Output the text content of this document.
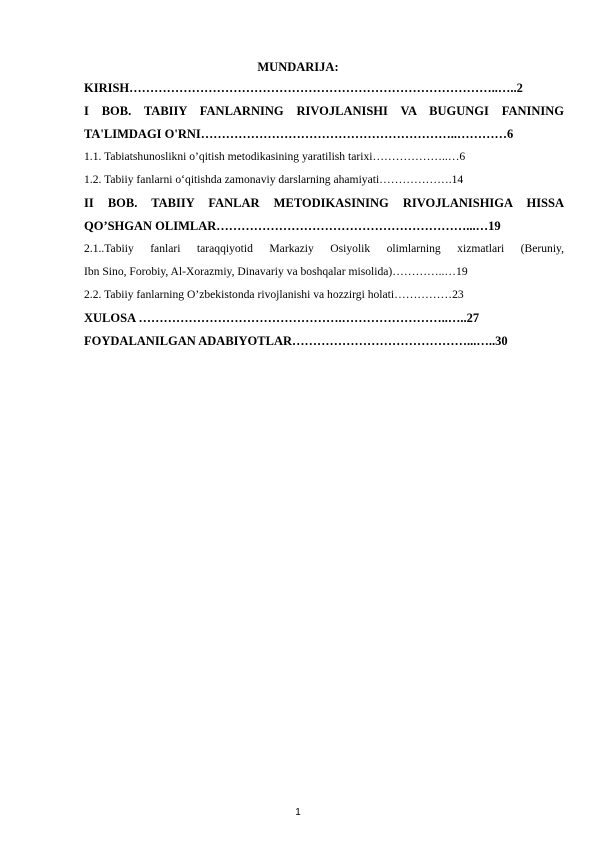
MUNDARIJA:
KIRISH……………………………………………………………………………..…..2
I BOB. TABIIY FANLARNING RIVOJLANISHI VA BUGUNGI FANINING
TA'LIMDAGI O'RNI……………………………………………………..…………6
1.1. Tabiatshunoslikni o’qitish metodikasining yaratilish tarixi………………..…6
1.2. Tabiiy fanlarni o‘qitishda zamonaviy darslarning ahamiyati……………….14
II BOB. TABIIY FANLAR METODIKASINING RIVOJLANISHIGA HISSA
QO’SHGAN OLIMLAR……………………………………………………...…19
2.1..Tabiiy fanlari taraqqiyotid Markaziy Osiyolik olimlarning xizmatlari (Beruniy,
Ibn Sino, Forobiy, Al-Xorazmiy, Dinavariy va boshqalar misolida)…………..…19
2.2. Tabiiy fanlarning O’zbekistonda rivojlanishi va hozzirgi holati……………23
XULOSA ………………………………………….……………………..…..27
FOYDALANILGAN ADABIYOTLAR……………………………………...…..30
1
